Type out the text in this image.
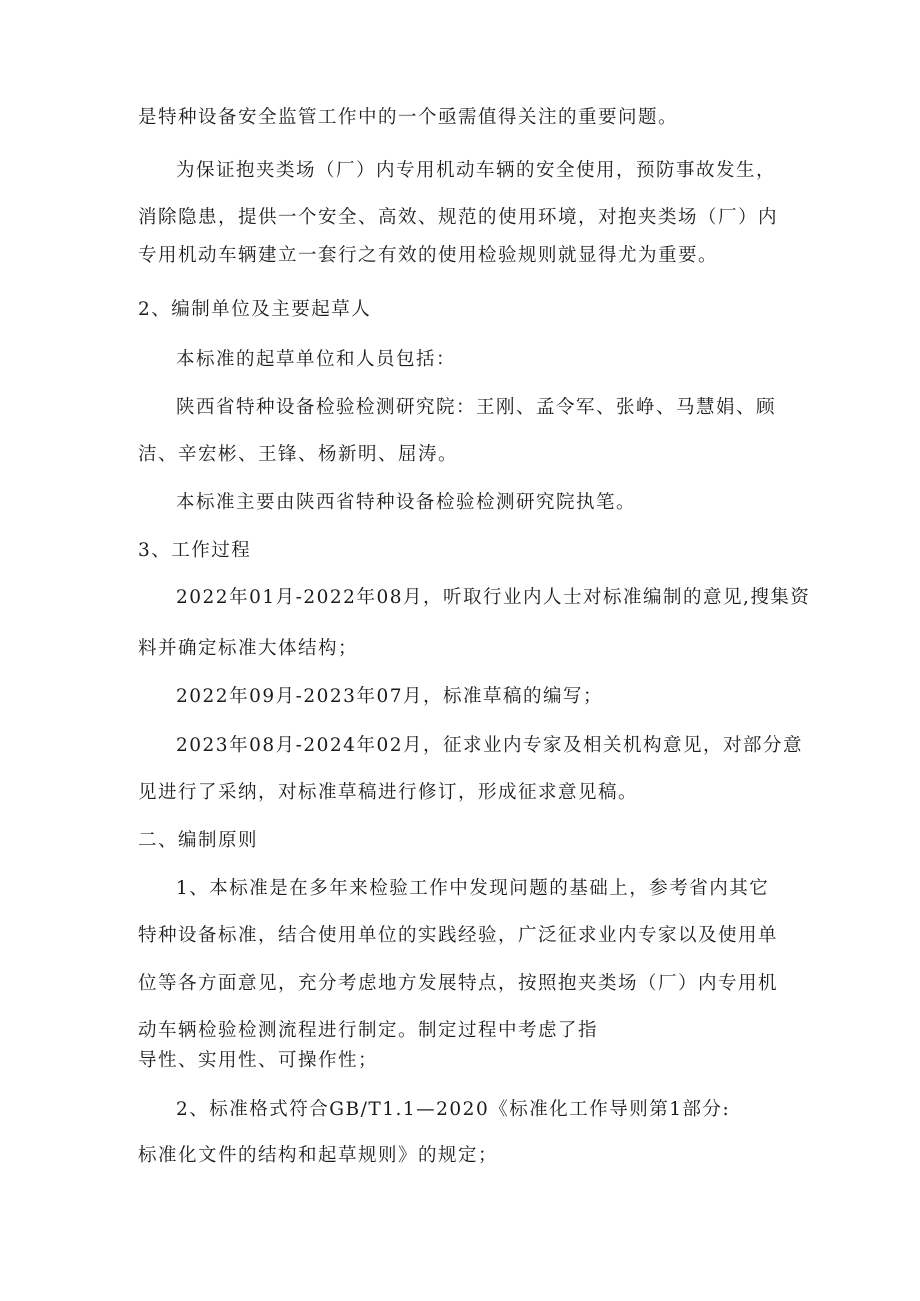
是特种设备安全监管工作中的一个亟需值得关注的重要问题。
为保证抱夹类场（厂）内专用机动车辆的安全使用，预防事故发生，
消除隐患，提供一个安全、高效、规范的使用环境，对抱夹类场（厂）内
专用机动车辆建立一套行之有效的使用检验规则就显得尤为重要。
2、编制单位及主要起草人
本标准的起草单位和人员包括：
陕西省特种设备检验检测研究院：王刚、孟令军、张峥、马慧娟、顾
洁、辛宏彬、王锋、杨新明、屈涛。
本标准主要由陕西省特种设备检验检测研究院执笔。
3、工作过程
2022年01月-2022年08月，听取行业内人士对标准编制的意见,搜集资
料并确定标准大体结构；
2022年09月-2023年07月，标准草稿的编写；
2023年08月-2024年02月，征求业内专家及相关机构意见，对部分意
见进行了采纳，对标准草稿进行修订，形成征求意见稿。
二、编制原则
1、本标准是在多年来检验工作中发现问题的基础上，参考省内其它
特种设备标准，结合使用单位的实践经验，广泛征求业内专家以及使用单
位等各方面意见，充分考虑地方发展特点，按照抱夹类场（厂）内专用机
动车辆检验检测流程进行制定。制定过程中考虑了指
导性、实用性、可操作性；
2、标准格式符合GB/T1.1—2020《标准化工作导则第1部分:
标准化文件的结构和起草规则》的规定；
